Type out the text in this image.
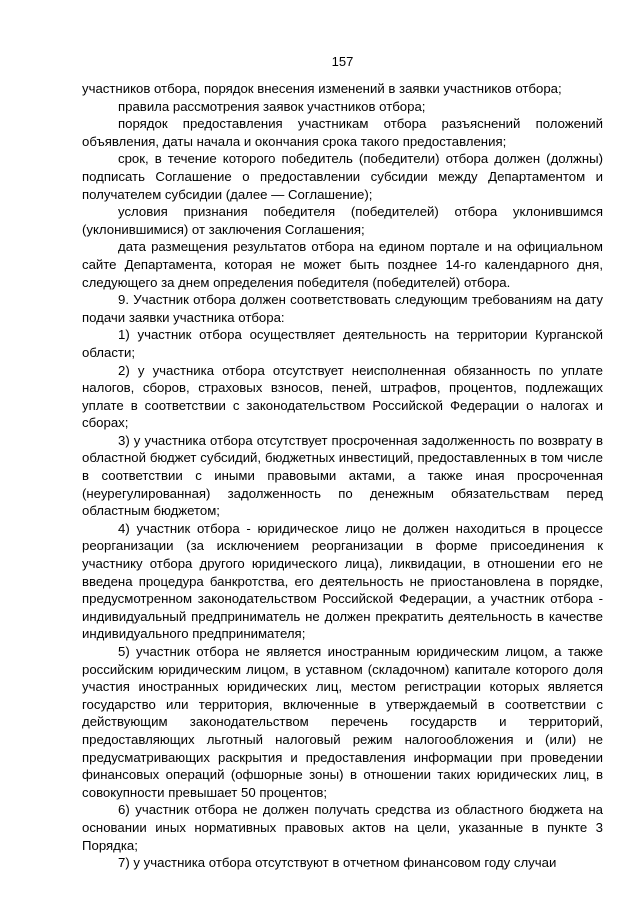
157

участников отбора, порядок внесения изменений в заявки участников отбора;

правила рассмотрения заявок участников отбора;

порядок предоставления участникам отбора разъяснений положений объявления, даты начала и окончания срока такого предоставления;

срок, в течение которого победитель (победители) отбора должен (должны) подписать Соглашение о предоставлении субсидии между Департаментом и получателем субсидии (далее — Соглашение);

условия признания победителя (победителей) отбора уклонившимся (уклонившимися) от заключения Соглашения;

дата размещения результатов отбора на едином портале и на официальном сайте Департамента, которая не может быть позднее 14-го календарного дня, следующего за днем определения победителя (победителей) отбора.

9. Участник отбора должен соответствовать следующим требованиям на дату подачи заявки участника отбора:

1) участник отбора осуществляет деятельность на территории Курганской области;

2) у участника отбора отсутствует неисполненная обязанность по уплате налогов, сборов, страховых взносов, пеней, штрафов, процентов, подлежащих уплате в соответствии с законодательством Российской Федерации о налогах и сборах;

3) у участника отбора отсутствует просроченная задолженность по возврату в областной бюджет субсидий, бюджетных инвестиций, предоставленных в том числе в соответствии с иными правовыми актами, а также иная просроченная (неурегулированная) задолженность по денежным обязательствам перед областным бюджетом;

4) участник отбора - юридическое лицо не должен находиться в процессе реорганизации (за исключением реорганизации в форме присоединения к участнику отбора другого юридического лица), ликвидации, в отношении его не введена процедура банкротства, его деятельность не приостановлена в порядке, предусмотренном законодательством Российской Федерации, а участник отбора - индивидуальный предприниматель не должен прекратить деятельность в качестве индивидуального предпринимателя;

5) участник отбора не является иностранным юридическим лицом, а также российским юридическим лицом, в уставном (складочном) капитале которого доля участия иностранных юридических лиц, местом регистрации которых является государство или территория, включенные в утверждаемый в соответствии с действующим законодательством перечень государств и территорий, предоставляющих льготный налоговый режим налогообложения и (или) не предусматривающих раскрытия и предоставления информации при проведении финансовых операций (офшорные зоны) в отношении таких юридических лиц, в совокупности превышает 50 процентов;

6) участник отбора не должен получать средства из областного бюджета на основании иных нормативных правовых актов на цели, указанные в пункте 3 Порядка;

7) у участника отбора отсутствуют в отчетном финансовом году случаи
